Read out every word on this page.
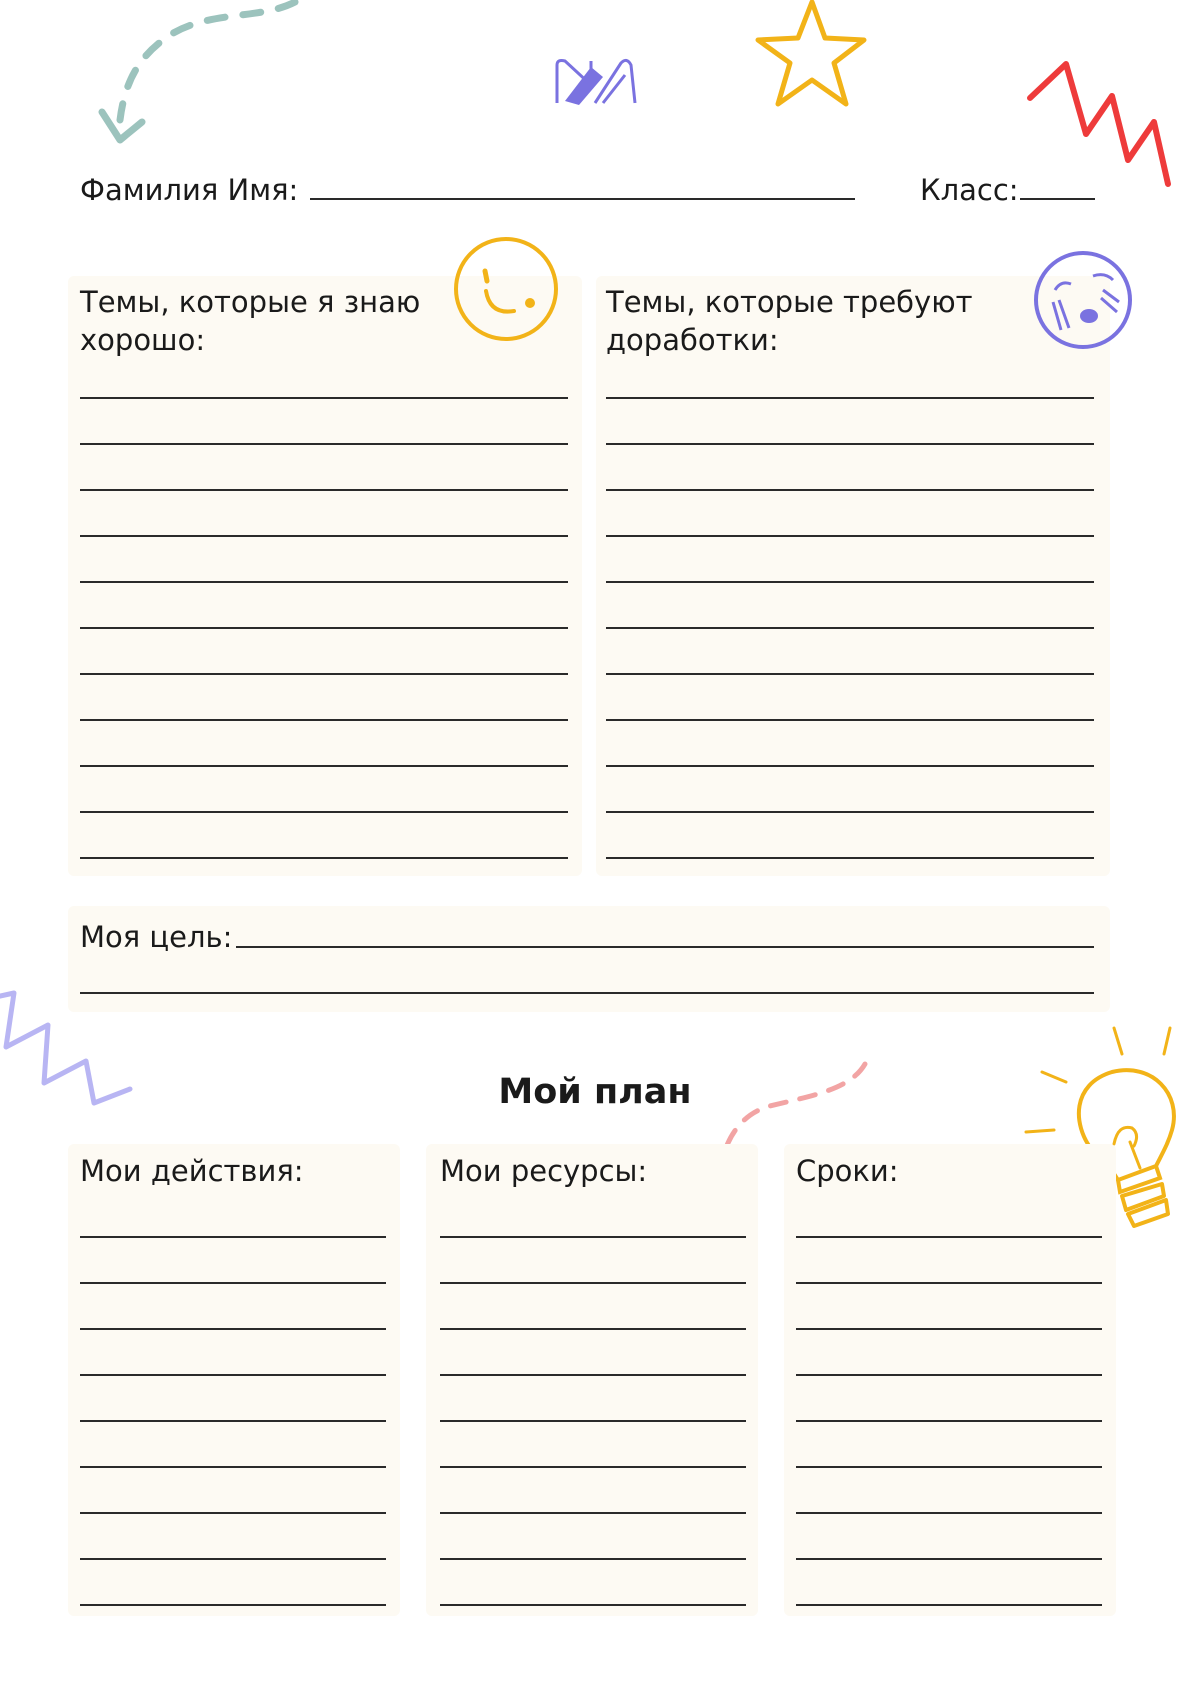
Фамилия Имя:	Класс:
Темы, которые я знаю
хорошо:
Темы, которые требуют
доработки:
Моя цель:
Мой план
Мои действия:	Мои ресурсы:	Сроки:
